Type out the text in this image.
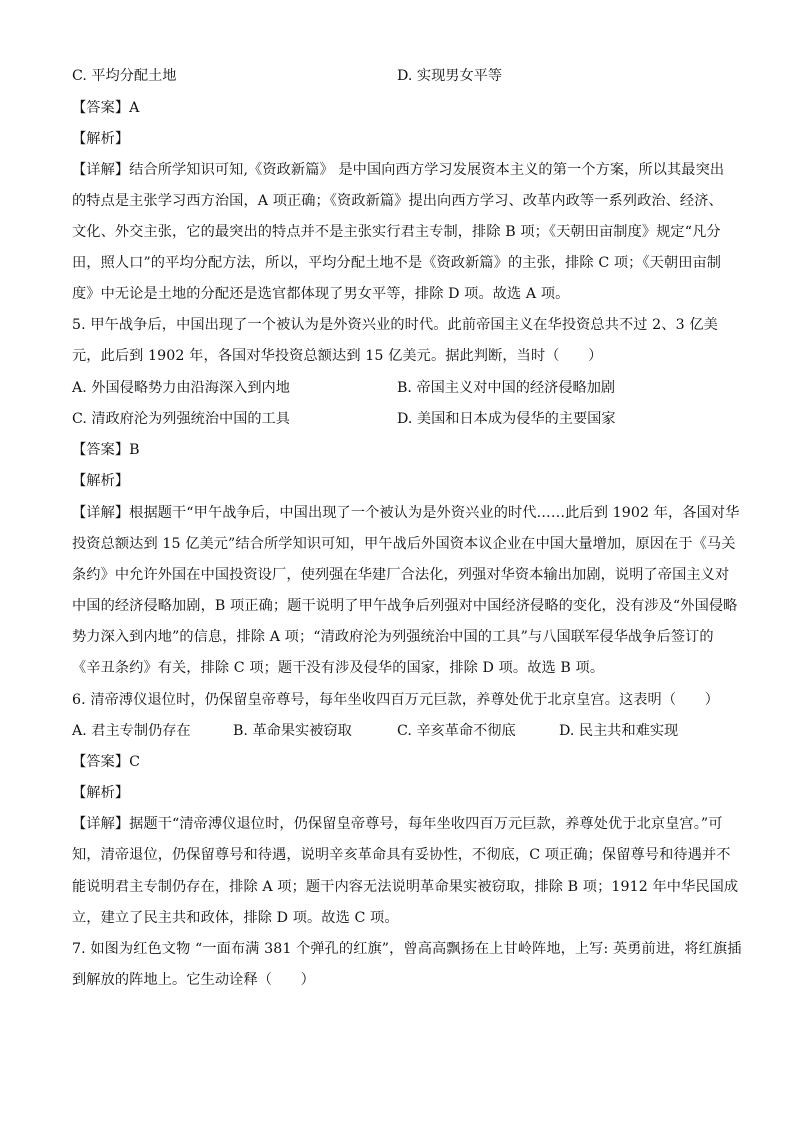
C. 平均分配土地	D. 实现男女平等
【答案】A
【解析】
【详解】结合所学知识可知,《资政新篇》 是中国向西方学习发展资本主义的第一个方案，所以其最突出
的特点是主张学习西方治国，A 项正确；《资政新篇》提出向西方学习、改革内政等一系列政治、经济、
文化、外交主张，它的最突出的特点并不是主张实行君主专制，排除 B 项；《天朝田亩制度》规定“凡分
田，照人口”的平均分配方法，所以，平均分配土地不是《资政新篇》的主张，排除 C 项；《天朝田亩制
度》中无论是土地的分配还是选官都体现了男女平等，排除 D 项。故选 A 项。
5. 甲午战争后，中国出现了一个被认为是外资兴业的时代。此前帝国主义在华投资总共不过 2、3 亿美
元，此后到 1902 年，各国对华投资总额达到 15 亿美元。据此判断，当时（　　）
A. 外国侵略势力由沿海深入到内地	B. 帝国主义对中国的经济侵略加剧
C. 清政府沦为列强统治中国的工具	D. 美国和日本成为侵华的主要国家
【答案】B
【解析】
【详解】根据题干“甲午战争后，中国出现了一个被认为是外资兴业的时代……此后到 1902 年，各国对华
投资总额达到 15 亿美元”结合所学知识可知，甲午战后外国资本议企业在中国大量增加，原因在于《马关
条约》中允许外国在中国投资设厂，使列强在华建厂合法化，列强对华资本输出加剧，说明了帝国主义对
中国的经济侵略加剧，B 项正确；题干说明了甲午战争后列强对中国经济侵略的变化，没有涉及“外国侵略
势力深入到内地”的信息，排除 A 项；“清政府沦为列强统治中国的工具”与八国联军侵华战争后签订的
《辛丑条约》有关，排除 C 项；题干没有涉及侵华的国家，排除 D 项。故选 B 项。
6. 清帝溥仪退位时，仍保留皇帝尊号，每年坐收四百万元巨款，养尊处优于北京皇宫。这表明（　　）
A. 君主专制仍存在	B. 革命果实被窃取	C. 辛亥革命不彻底	D. 民主共和难实现
【答案】C
【解析】
【详解】据题干“清帝溥仪退位时，仍保留皇帝尊号，每年坐收四百万元巨款，养尊处优于北京皇宫。”可
知，清帝退位，仍保留尊号和待遇，说明辛亥革命具有妥协性，不彻底，C 项正确；保留尊号和待遇并不
能说明君主专制仍存在，排除 A 项；题干内容无法说明革命果实被窃取，排除 B 项；1912 年中华民国成
立，建立了民主共和政体，排除 D 项。故选 C 项。
7. 如图为红色文物 “一面布满 381 个弹孔的红旗”，曾高高飘扬在上甘岭阵地，上写: 英勇前进，将红旗插
到解放的阵地上。它生动诠释（　　）
